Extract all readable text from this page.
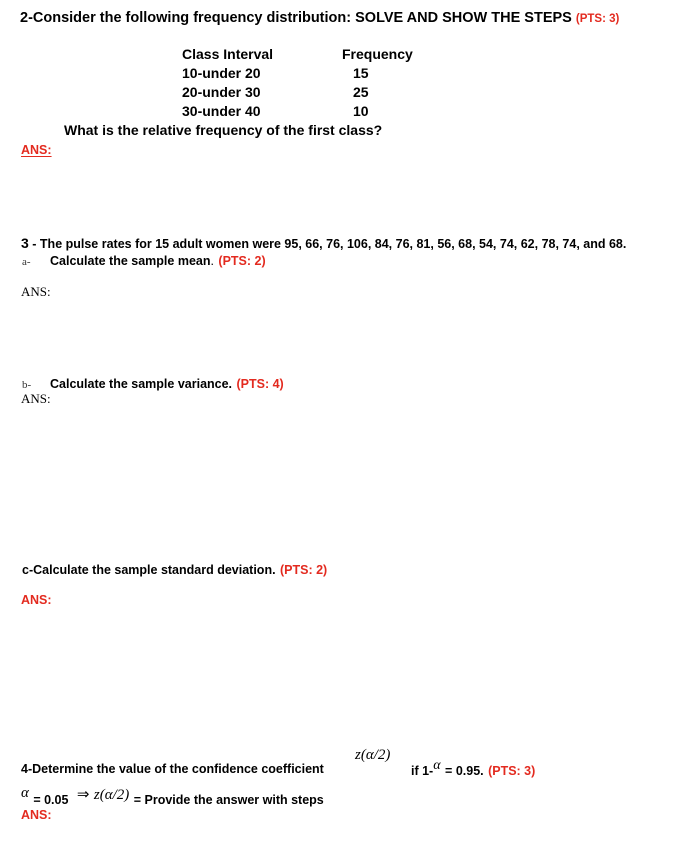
2-Consider the following frequency distribution: SOLVE AND SHOW THE STEPS (PTS: 3)
Class Interval	Frequency
10-under 20	15
20-under 30	25
30-under 40	10
What is the relative frequency of the first class?
ANS:
3 - The pulse rates for 15 adult women were 95, 66, 76, 106, 84, 76, 81, 56, 68, 54, 74, 62, 78, 74, and 68.
a- Calculate the sample mean. (PTS: 2)
ANS:
b- Calculate the sample variance. (PTS: 4)
ANS:
c-Calculate the sample standard deviation. (PTS: 2)
ANS:
4-Determine the value of the confidence coefficient
z(α/2)
if 1-α = 0.95. (PTS: 3)
α $_{= 0.05}$ ⇒ z(α/2) $_{= Provide the answer with steps}$
ANS:
